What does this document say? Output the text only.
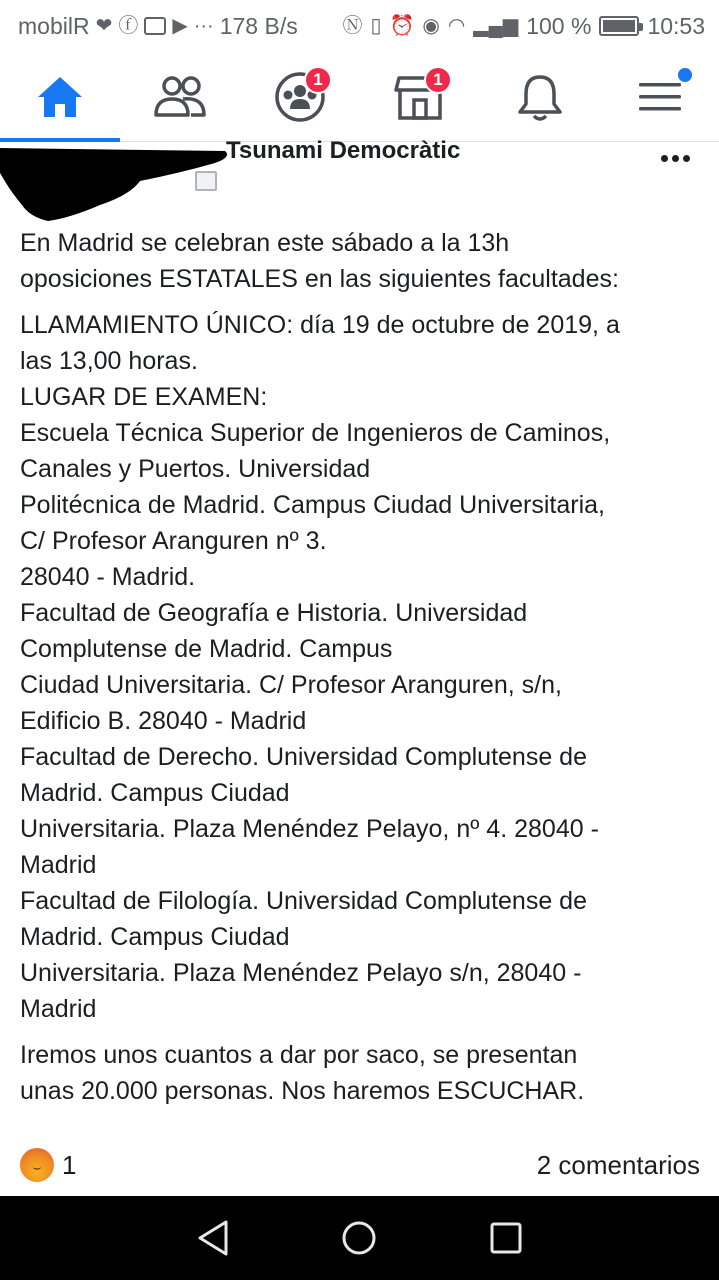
mobilR ❤ ⓕ ▶ ··· 178 B/s Ⓝ ▯ ⏰ ◉ ◠ ▂▄▆ 100 % 10:53
1	1
Tsunami Democràtic

En Madrid se celebran este sábado a la 13h
oposiciones ESTATALES en las siguientes facultades:

LLAMAMIENTO ÚNICO: día 19 de octubre de 2019, a
las 13,00 horas.
LUGAR DE EXAMEN:
Escuela Técnica Superior de Ingenieros de Caminos,
Canales y Puertos. Universidad
Politécnica de Madrid. Campus Ciudad Universitaria,
C/ Profesor Aranguren nº 3.
28040 - Madrid.
Facultad de Geografía e Historia. Universidad
Complutense de Madrid. Campus
Ciudad Universitaria. C/ Profesor Aranguren, s/n,
Edificio B. 28040 - Madrid
Facultad de Derecho. Universidad Complutense de
Madrid. Campus Ciudad
Universitaria. Plaza Menéndez Pelayo, nº 4. 28040 -
Madrid
Facultad de Filología. Universidad Complutense de
Madrid. Campus Ciudad
Universitaria. Plaza Menéndez Pelayo s/n, 28040 -
Madrid

Iremos unos cuantos a dar por saco, se presentan
unas 20.000 personas. Nos haremos ESCUCHAR.

⌣ 1	2 comentarios
